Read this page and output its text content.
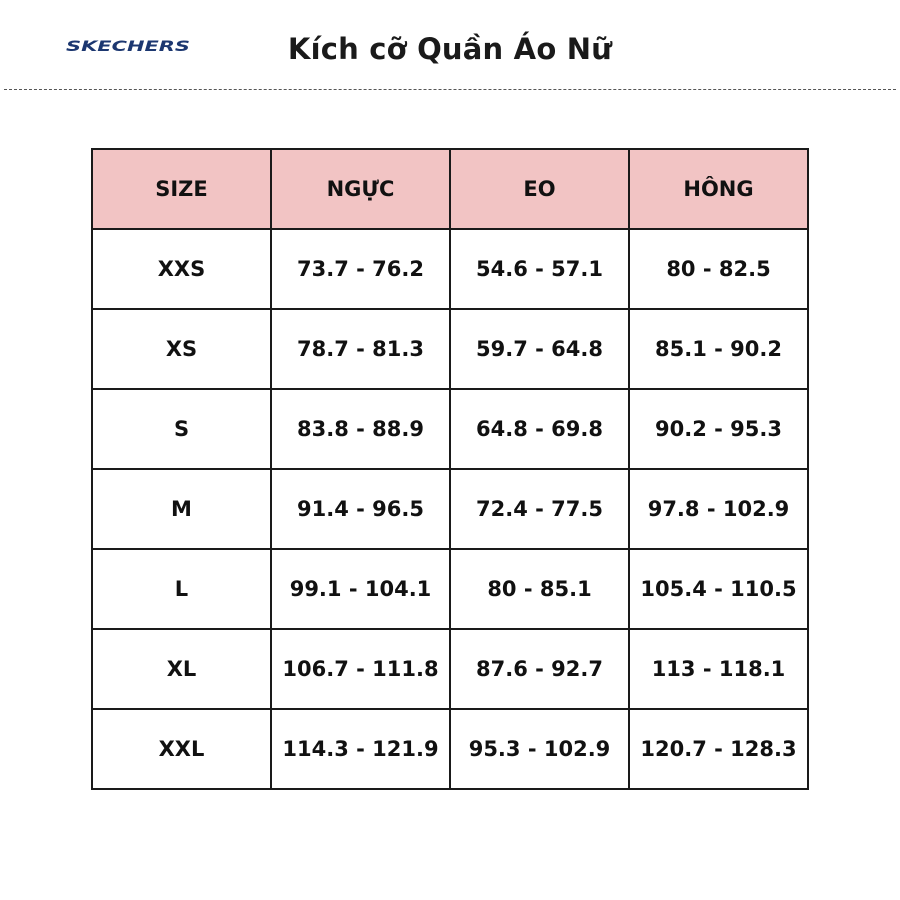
SKECHERS	Kích cỡ Quần Áo Nữ
SIZE	NGỰC	EO	HÔNG
XXS	73.7 - 76.2	54.6 - 57.1	80 - 82.5
XS	78.7 - 81.3	59.7 - 64.8	85.1 - 90.2
S	83.8 - 88.9	64.8 - 69.8	90.2 - 95.3
M	91.4 - 96.5	72.4 - 77.5	97.8 - 102.9
L	99.1 - 104.1	80 - 85.1	105.4 - 110.5
XL	106.7 - 111.8	87.6 - 92.7	113 - 118.1
XXL	114.3 - 121.9	95.3 - 102.9	120.7 - 128.3
